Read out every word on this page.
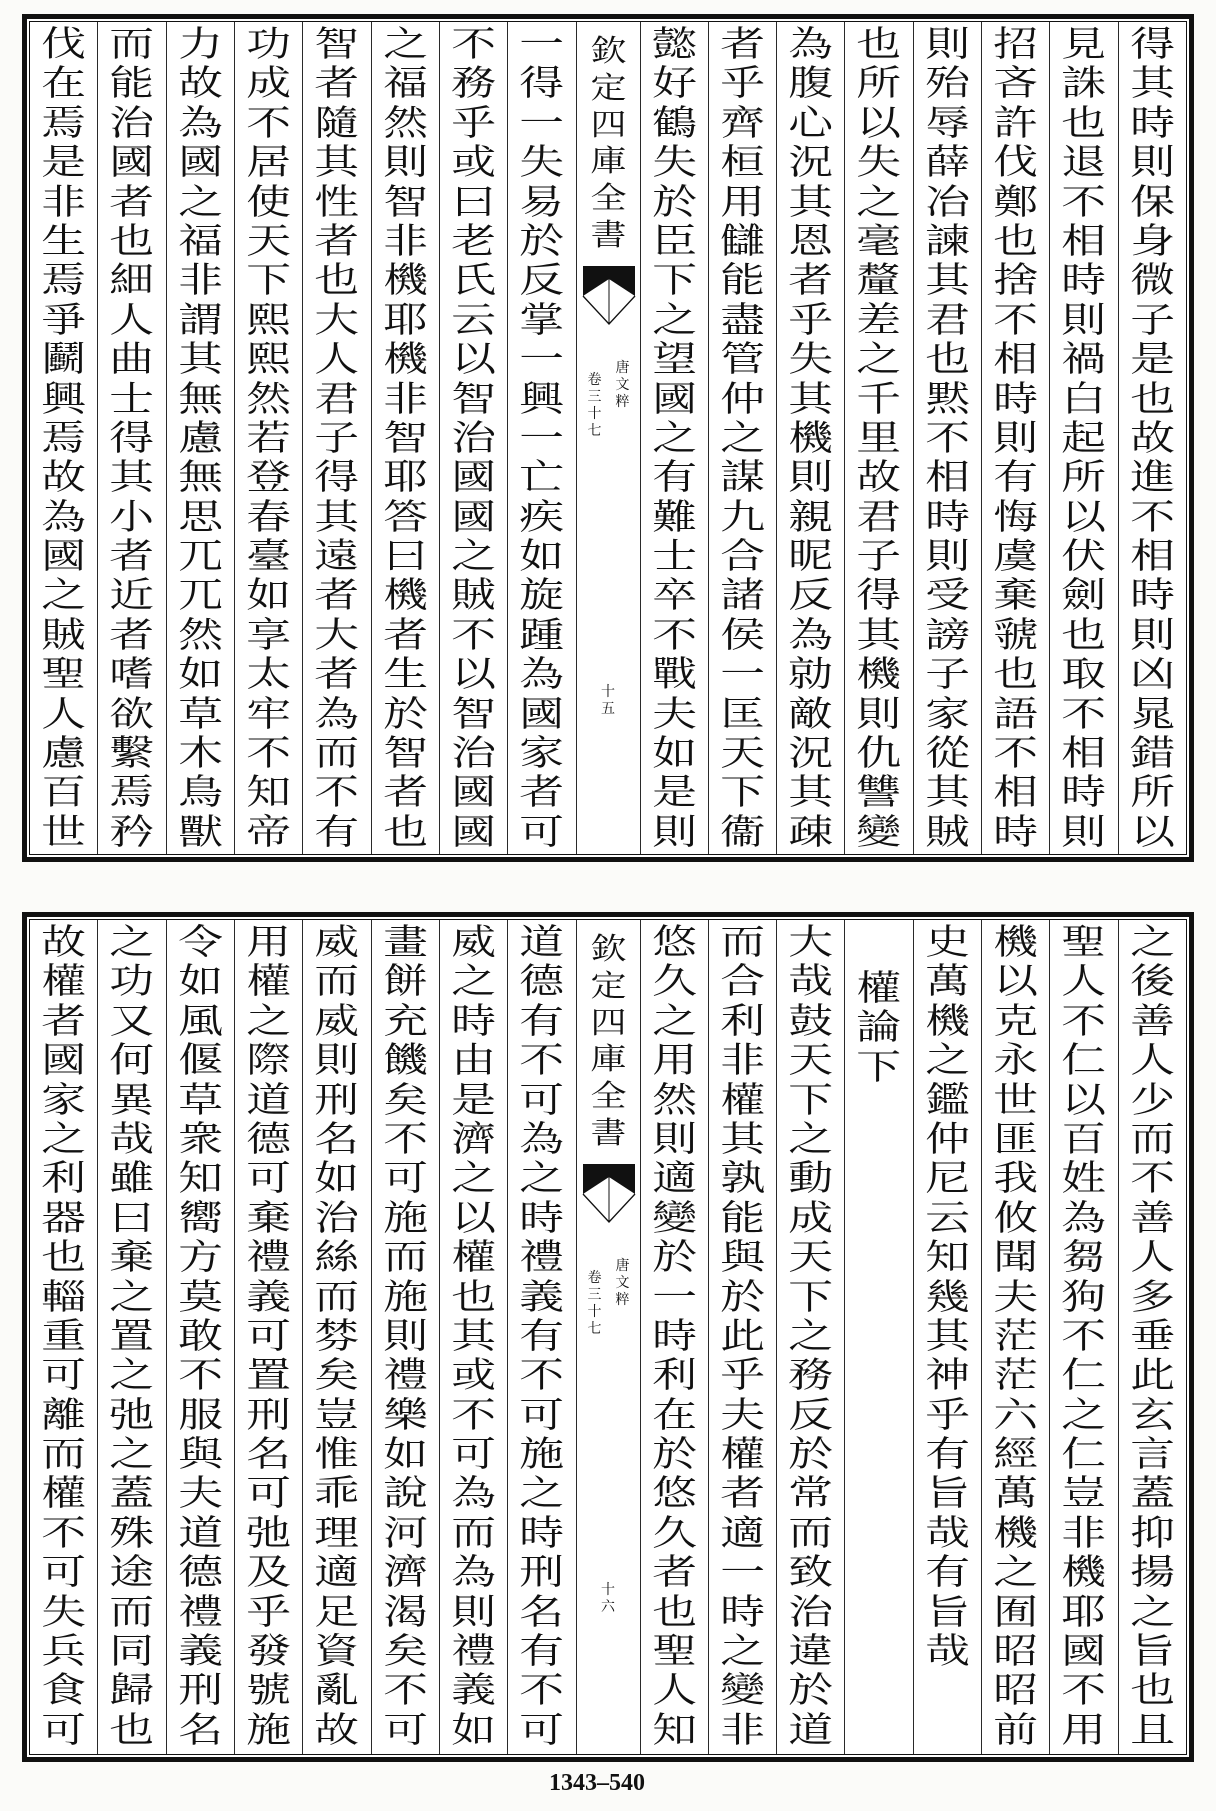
得
其
時
則
保
身
微
子
是
也
故
進
不
相
時
則
凶
晁
錯
所
以
見
誅
也
退
不
相
時
則
禍
白
起
所
以
伏
劍
也
取
不
相
時
則
招
吝
許
伐
鄭
也
捨
不
相
時
則
有
悔
虞
棄
虢
也
語
不
相
時
則
殆
辱
薛
冶
諫
其
君
也
黙
不
相
時
則
受
謗
子
家
從
其
賊
也
所
以
失
之
毫
釐
差
之
千
里
故
君
子
得
其
機
則
仇
讐
變
為
腹
心
況
其
恩
者
乎
失
其
機
則
親
昵
反
為
勍
敵
況
其
疎
者
乎
齊
桓
用
讎
能
盡
管
仲
之
謀
九
合
諸
侯
一
匡
天
下
衞
懿
好
鶴
失
於
臣
下
之
望
國
之
有
難
士
卒
不
戰
夫
如
是
則
欽
定
四
庫
全
書
唐
文
粹
卷
三
十
七
十
五
一
得
一
失
易
於
反
掌
一
興
一
亡
疾
如
旋
踵
為
國
家
者
可
不
務
乎
或
曰
老
氏
云
以
智
治
國
國
之
賊
不
以
智
治
國
國
之
福
然
則
智
非
機
耶
機
非
智
耶
答
曰
機
者
生
於
智
者
也
智
者
隨
其
性
者
也
大
人
君
子
得
其
遠
者
大
者
為
而
不
有
功
成
不
居
使
天
下
熙
熙
然
若
登
春
臺
如
享
太
牢
不
知
帝
力
故
為
國
之
福
非
謂
其
無
慮
無
思
兀
兀
然
如
草
木
鳥
獸
而
能
治
國
者
也
細
人
曲
士
得
其
小
者
近
者
嗜
欲
繫
焉
矜
伐
在
焉
是
非
生
焉
爭
鬬
興
焉
故
為
國
之
賊
聖
人
慮
百
世
之
後
善
人
少
而
不
善
人
多
垂
此
玄
言
蓋
抑
揚
之
旨
也
且
聖
人
不
仁
以
百
姓
為
芻
狗
不
仁
之
仁
豈
非
機
耶
國
不
用
機
以
克
永
世
匪
我
攸
聞
夫
茫
茫
六
經
萬
機
之
囿
昭
昭
前
史
萬
機
之
鑑
仲
尼
云
知
幾
其
神
乎
有
旨
哉
有
旨
哉
權
論
下
大
哉
鼓
天
下
之
動
成
天
下
之
務
反
於
常
而
致
治
違
於
道
而
合
利
非
權
其
孰
能
與
於
此
乎
夫
權
者
適
一
時
之
變
非
悠
久
之
用
然
則
適
變
於
一
時
利
在
於
悠
久
者
也
聖
人
知
欽
定
四
庫
全
書
唐
文
粹
卷
三
十
七
十
六
道
德
有
不
可
為
之
時
禮
義
有
不
可
施
之
時
刑
名
有
不
可
威
之
時
由
是
濟
之
以
權
也
其
或
不
可
為
而
為
則
禮
義
如
畫
餅
充
饑
矣
不
可
施
而
施
則
禮
樂
如
說
河
濟
渴
矣
不
可
威
而
威
則
刑
名
如
治
絲
而
棼
矣
豈
惟
乖
理
適
足
資
亂
故
用
權
之
際
道
德
可
棄
禮
義
可
置
刑
名
可
弛
及
乎
發
號
施
令
如
風
偃
草
衆
知
嚮
方
莫
敢
不
服
與
夫
道
德
禮
義
刑
名
之
功
又
何
異
哉
雖
曰
棄
之
置
之
弛
之
蓋
殊
途
而
同
歸
也
故
權
者
國
家
之
利
器
也
輜
重
可
離
而
權
不
可
失
兵
食
可
1343–540
